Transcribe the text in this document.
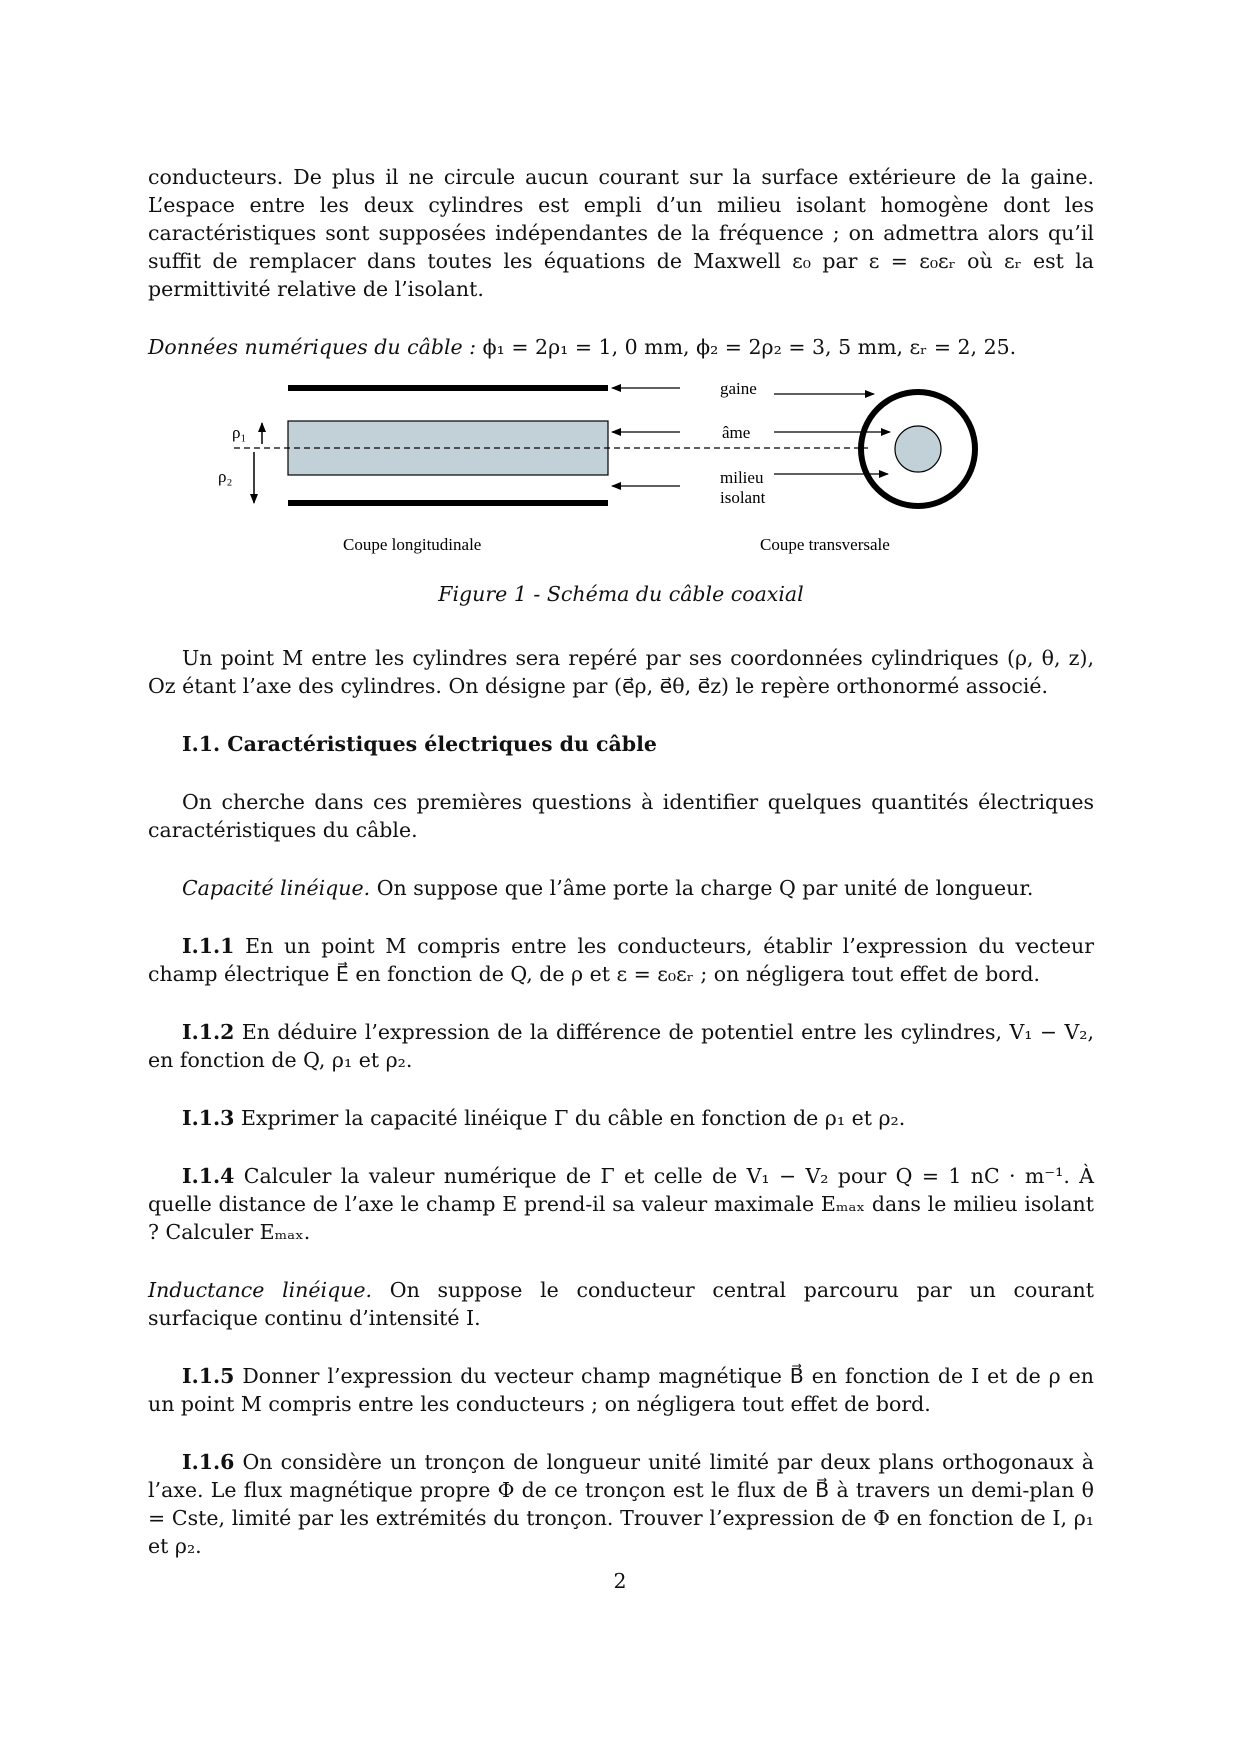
conducteurs. De plus il ne circule aucun courant sur la surface extérieure de la gaine. L’espace entre les deux cylindres est empli d’un milieu isolant homogène dont les caractéristiques sont supposées indépendantes de la fréquence ; on admettra alors qu’il suffit de remplacer dans toutes les équations de Maxwell ε₀ par ε = ε₀εᵣ où εᵣ est la permittivité relative de l’isolant.

Données numériques du câble : ϕ₁ = 2ρ₁ = 1, 0 mm, ϕ₂ = 2ρ₂ = 3, 5 mm, εᵣ = 2, 25.

ρ₁
ρ₂
gaine
âme
milieu
isolant
Coupe longitudinale	Coupe transversale
Figure 1 - Schéma du câble coaxial

Un point M entre les cylindres sera repéré par ses coordonnées cylindriques (ρ, θ, z), Oz étant l’axe des cylindres. On désigne par (e⃗ρ, e⃗θ, e⃗z) le repère orthonormé associé.

I.1. Caractéristiques électriques du câble

On cherche dans ces premières questions à identifier quelques quantités électriques caractéristiques du câble.

Capacité linéique. On suppose que l’âme porte la charge Q par unité de longueur.

I.1.1 En un point M compris entre les conducteurs, établir l’expression du vecteur champ électrique E⃗ en fonction de Q, de ρ et ε = ε₀εᵣ ; on négligera tout effet de bord.

I.1.2 En déduire l’expression de la différence de potentiel entre les cylindres, V₁ − V₂, en fonction de Q, ρ₁ et ρ₂.

I.1.3 Exprimer la capacité linéique Γ du câble en fonction de ρ₁ et ρ₂.

I.1.4 Calculer la valeur numérique de Γ et celle de V₁ − V₂ pour Q = 1 nC · m⁻¹. À quelle distance de l’axe le champ E prend-il sa valeur maximale Eₘₐₓ dans le milieu isolant ? Calculer Eₘₐₓ.

Inductance linéique. On suppose le conducteur central parcouru par un courant surfacique continu d’intensité I.

I.1.5 Donner l’expression du vecteur champ magnétique B⃗ en fonction de I et de ρ en un point M compris entre les conducteurs ; on négligera tout effet de bord.

I.1.6 On considère un tronçon de longueur unité limité par deux plans orthogonaux à l’axe. Le flux magnétique propre Φ de ce tronçon est le flux de B⃗ à travers un demi-plan θ = Cste, limité par les extrémités du tronçon. Trouver l’expression de Φ en fonction de I, ρ₁ et ρ₂.

2
